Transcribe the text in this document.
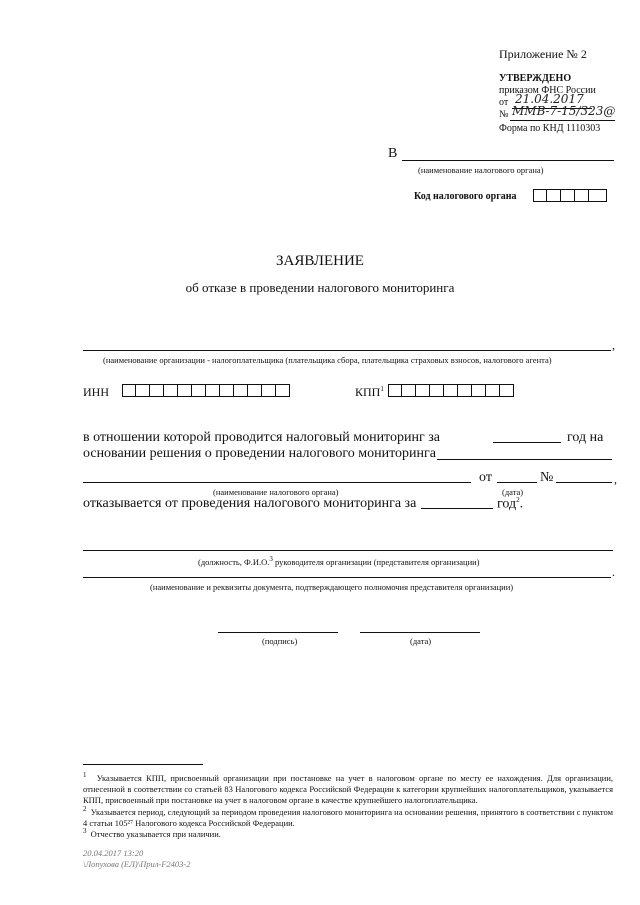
Приложение № 2
УТВЕРЖДЕНО
приказом ФНС России
от 21.04.2017
№ ММВ-7-15/323@
Форма по КНД 1110303
В
(наименование налогового органа)
Код налогового органа
ЗАЯВЛЕНИЕ
об отказе в проведении налогового мониторинга
,
(наименование организации - налогоплательщика (плательщика сбора, плательщика страховых взносов, налогового агента)
ИНН	КПП$^1$
в отношении которой проводится налоговый мониторинг за	год на
основании решения о проведении налогового мониторинга
от	№	,
(наименование налогового органа)	(дата)
отказывается от проведения налогового мониторинга за	год$^2$.
(должность, Ф.И.О.$^3$ руководителя организации (представителя организации)
.
(наименование и реквизиты документа, подтверждающего полномочия представителя организации)
(подпись)	(дата)
$^1$ Указывается КПП, присвоенный организации при постановке на учет в налоговом органе по месту ее нахождения. Для организации, отнесенной в соответствии со статьей 83 Налогового кодекса Российской Федерации к категории крупнейших налогоплательщиков, указывается КПП, присвоенный при постановке на учет в налоговом органе в качестве крупнейшего налогоплательщика.
$^2$ Указывается период, следующий за периодом проведения налогового мониторинга на основании решения, принятого в соответствии с пунктом 4 статьи 105²⁷ Налогового кодекса Российской Федерации.
$^3$ Отчество указывается при наличии.
20.04.2017 13:20
\Лопухова (ЕЛ)\Прил-F2403-2
